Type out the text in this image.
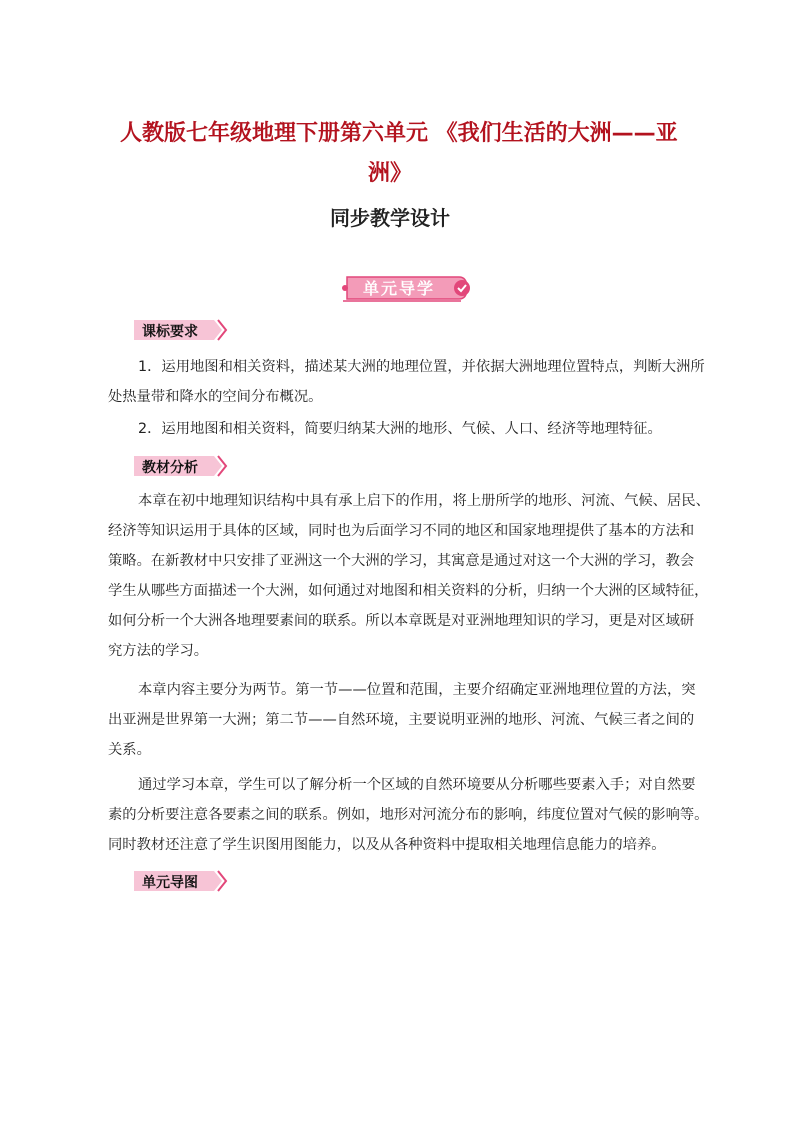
人教版七年级地理下册第六单元 《我们生活的大洲——亚
洲》
同步教学设计
单元导学
课标要求

1．运用地图和相关资料，描述某大洲的地理位置，并依据大洲地理位置特点，判断大洲所
处热量带和降水的空间分布概况。

2．运用地图和相关资料，简要归纳某大洲的地形、气候、人口、经济等地理特征。

教材分析

本章在初中地理知识结构中具有承上启下的作用，将上册所学的地形、河流、气候、居民、
经济等知识运用于具体的区域，同时也为后面学习不同的地区和国家地理提供了基本的方法和
策略。在新教材中只安排了亚洲这一个大洲的学习，其寓意是通过对这一个大洲的学习，教会
学生从哪些方面描述一个大洲，如何通过对地图和相关资料的分析，归纳一个大洲的区域特征，
如何分析一个大洲各地理要素间的联系。所以本章既是对亚洲地理知识的学习，更是对区域研
究方法的学习。

本章内容主要分为两节。第一节——位置和范围，主要介绍确定亚洲地理位置的方法，突
出亚洲是世界第一大洲；第二节——自然环境，主要说明亚洲的地形、河流、气候三者之间的
关系。

通过学习本章，学生可以了解分析一个区域的自然环境要从分析哪些要素入手；对自然要
素的分析要注意各要素之间的联系。例如，地形对河流分布的影响，纬度位置对气候的影响等。
同时教材还注意了学生识图用图能力，以及从各种资料中提取相关地理信息能力的培养。

单元导图
